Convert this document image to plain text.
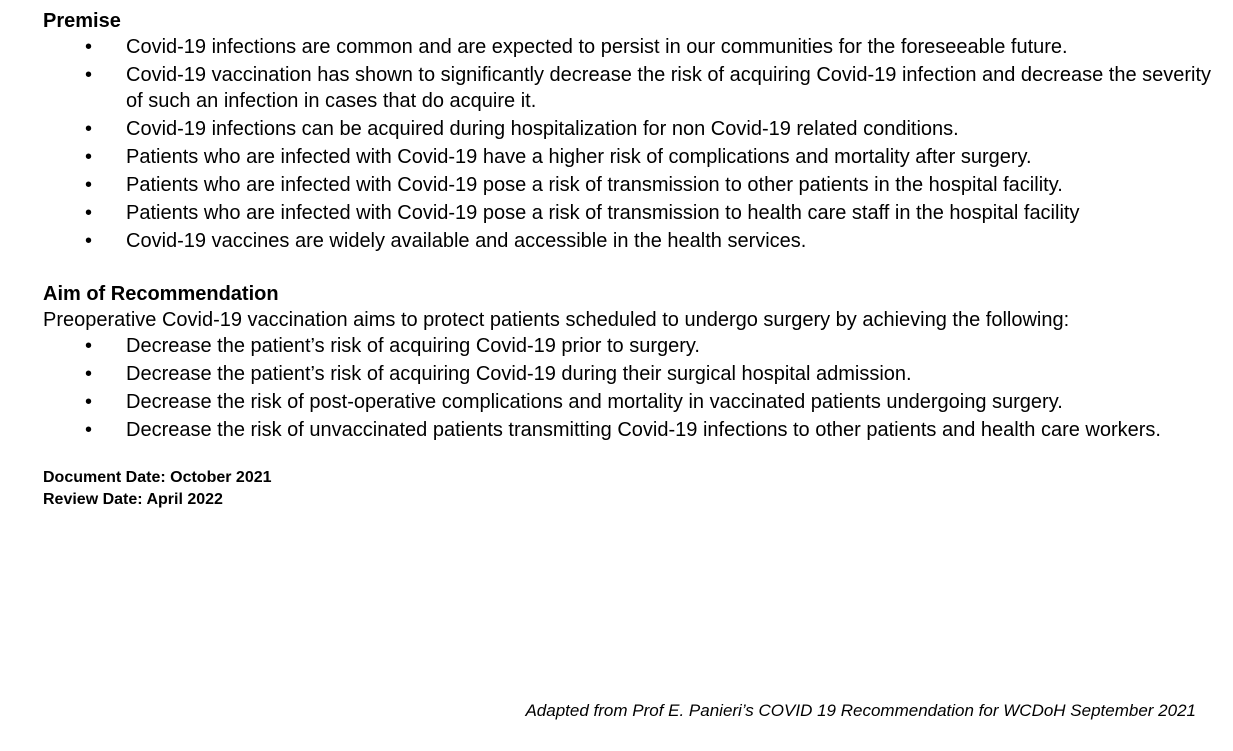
Premise
• Covid-19 infections are common and are expected to persist in our communities for the foreseeable future.
• Covid-19 vaccination has shown to significantly decrease the risk of acquiring Covid-19 infection and decrease the severity of such an infection in cases that do acquire it.
• Covid-19 infections can be acquired during hospitalization for non Covid-19 related conditions.
• Patients who are infected with Covid-19 have a higher risk of complications and mortality after surgery.
• Patients who are infected with Covid-19 pose a risk of transmission to other patients in the hospital facility.
• Patients who are infected with Covid-19 pose a risk of transmission to health care staff in the hospital facility
• Covid-19 vaccines are widely available and accessible in the health services.
Aim of Recommendation

Preoperative Covid-19 vaccination aims to protect patients scheduled to undergo surgery by achieving the following:

• Decrease the patient’s risk of acquiring Covid-19 prior to surgery.
• Decrease the patient’s risk of acquiring Covid-19 during their surgical hospital admission.
• Decrease the risk of post-operative complications and mortality in vaccinated patients undergoing surgery.
• Decrease the risk of unvaccinated patients transmitting Covid-19 infections to other patients and health care workers.
Document Date: October 2021
Review Date: April 2022
Adapted from Prof E. Panieri’s COVID 19 Recommendation for WCDoH September 2021
